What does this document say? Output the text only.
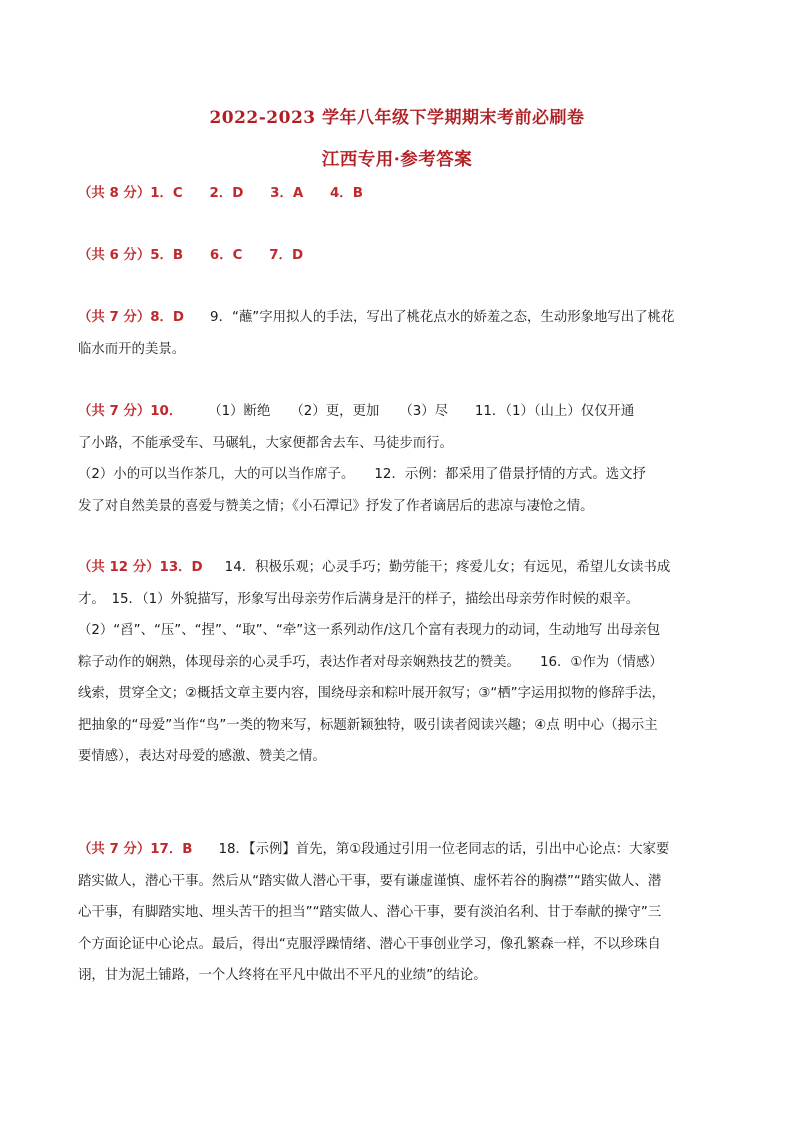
2022-2023 学年八年级下学期期末考前必刷卷
江西专用·参考答案
（共 8 分）1．C　　2．D　　3．A　　4．B
（共 6 分）5．B　　6．C　　7．D
（共 7 分）8．D 9．“蘸”字用拟人的手法，写出了桃花点水的娇羞之态，生动形象地写出了桃花
临水而开的美景。
（共 7 分）10． （1）断绝　　（2）更，更加　　（3）尽　　11．（1）（山上）仅仅开通
了小路，不能承受车、马碾轧，大家便都舍去车、马徒步而行。
（2）小的可以当作茶几，大的可以当作席子。　　12．示例：都采用了借景抒情的方式。选文抒
发了对自然美景的喜爱与赞美之情；《小石潭记》抒发了作者谪居后的悲凉与凄怆之情。
（共 12 分）13．D 14．积极乐观；心灵手巧；勤劳能干；疼爱儿女；有远见，希望儿女读书成
才。　15．（1）外貌描写，形象写出母亲劳作后满身是汗的样子，描绘出母亲劳作时候的艰辛。
（2）“舀”、“压”、“捏”、“取”、“牵”这一系列动作/这几个富有表现力的动词，生动地写 出母亲包
粽子动作的娴熟，体现母亲的心灵手巧，表达作者对母亲娴熟技艺的赞美。　　16．①作为（情感）
线索，贯穿全文；②概括文章主要内容，围绕母亲和粽叶展开叙写；③“栖”字运用拟物的修辞手法，
把抽象的“母爱”当作“鸟”一类的物来写，标题新颖独特，吸引读者阅读兴趣；④点 明中心（揭示主
要情感），表达对母爱的感激、赞美之情。
（共 7 分）17．B 18．【示例】首先，第①段通过引用一位老同志的话，引出中心论点：大家要
踏实做人，潜心干事。然后从“踏实做人潜心干事，要有谦虚谨慎、虚怀若谷的胸襟”“踏实做人、潜
心干事，有脚踏实地、埋头苦干的担当”“踏实做人、潜心干事，要有淡泊名利、甘于奉献的操守”三
个方面论证中心论点。最后，得出“克服浮躁情绪、潜心干事创业学习，像孔繁森一样，不以珍珠自
诩，甘为泥土铺路，一个人终将在平凡中做出不平凡的业绩”的结论。
